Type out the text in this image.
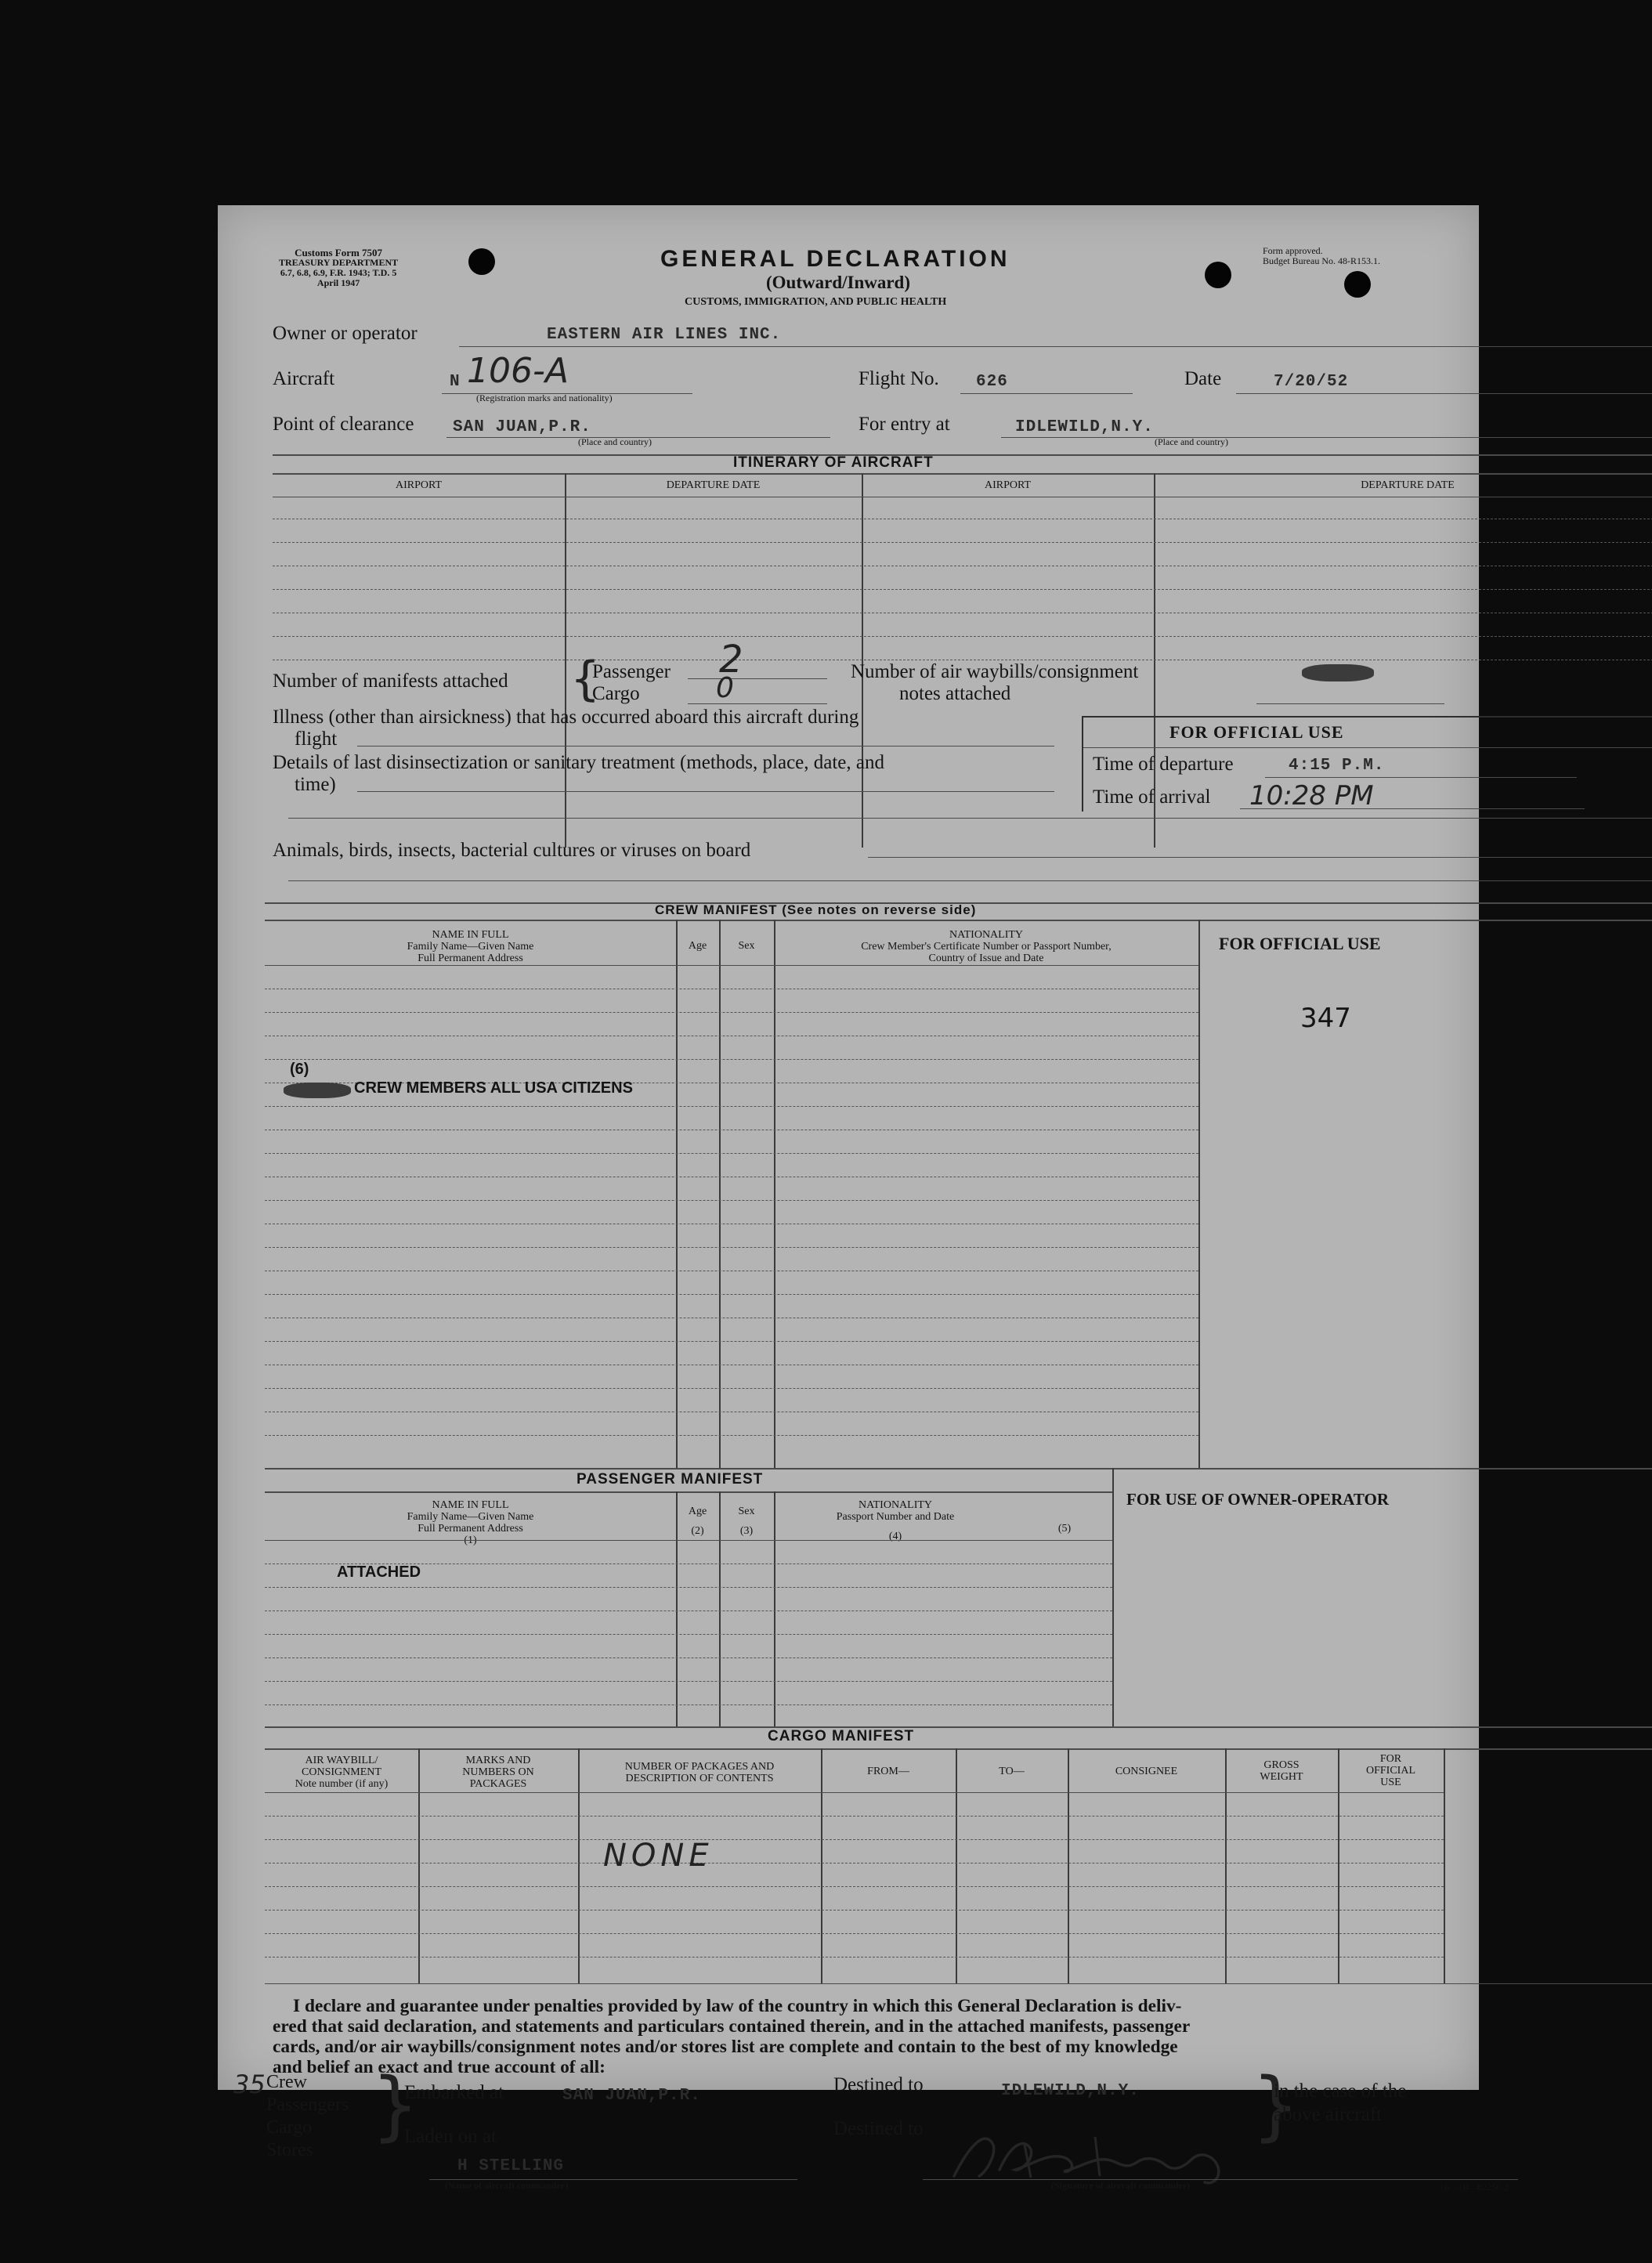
Customs Form 7507
TREASURY DEPARTMENT
6.7, 6.8, 6.9, F.R. 1943; T.D. 5
April 1947
GENERAL DECLARATION
(Outward/Inward)
CUSTOMS, IMMIGRATION, AND PUBLIC HEALTH
Form approved.
Budget Bureau No. 48-R153.1.
Owner or operator	EASTERN AIR LINES INC.
Aircraft	N 106-A
(Registration marks and nationality)
Flight No. 626	Date	7/20/52
Point of clearance SAN JUAN,P.R.
(Place and country)
For entry at	IDLEWILD,N.Y.
(Place and country)
ITINERARY OF AIRCRAFT
AIRPORT	DEPARTURE DATE	AIRPORT	DEPARTURE DATE
Number of manifests attached {
Passenger 2
Cargo	0
Number of air waybills/consignment
notes attached
Illness (other than airsickness) that has occurred aboard this aircraft during
flight
Details of last disinsectization or sanitary treatment (methods, place, date, and
time)
FOR OFFICIAL USE
Time of departure	4:15 P.M.
Time of arrival 10:28 PM
Animals, birds, insects, bacterial cultures or viruses on board
CREW MANIFEST (See notes on reverse side)
NAME IN FULL
Family Name—Given Name
Full Permanent Address
Age	Sex
NATIONALITY
Crew Member's Certificate Number or Passport Number,
Country of Issue and Date
FOR OFFICIAL USE
347
(6)
CREW MEMBERS ALL USA CITIZENS
PASSENGER MANIFEST
NAME IN FULL
Family Name—Given Name
Full Permanent Address
(1)
Age
(2)
Sex
(3)
NATIONALITY
Passport Number and Date
(4)
(5)
FOR USE OF OWNER-OPERATOR
ATTACHED
CARGO MANIFEST
AIR WAYBILL/
CONSIGNMENT
Note number (if any)
MARKS AND
NUMBERS ON
PACKAGES
NUMBER OF PACKAGES AND
DESCRIPTION OF CONTENTS
FROM—	TO—	CONSIGNEE
GROSS
WEIGHT
FOR
OFFICIAL
USE
NONE
I declare and guarantee under penalties provided by law of the country in which this General Declaration is deliv-
ered that said declaration, and statements and particulars contained therein, and in the attached manifests, passenger
cards, and/or air waybills/consignment notes and/or stores list are complete and contain to the best of my knowledge
and belief an exact and true account of all:
35 Crew
Passengers
Cargo
Stores
}
Embarked at	SAN JUAN,P.R.
Laden on at
Destined to	IDLEWILD,N.Y.
Destined to	}
in the case of the
above aircraft
H STELLING
(Name of aircraft commander)	(Signature of aircraft commander)	16—10—82256-2
